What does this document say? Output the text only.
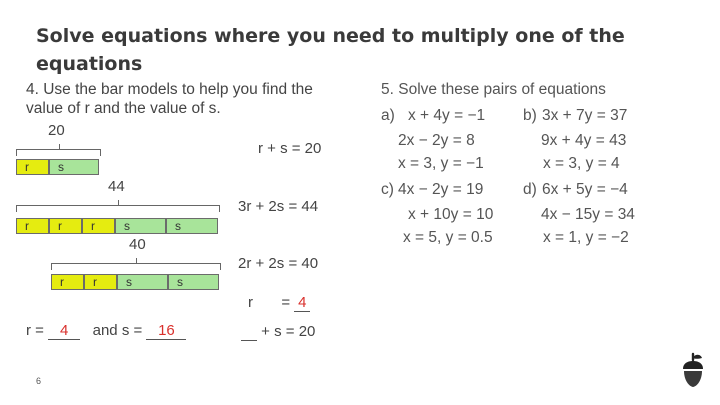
Solve equations where you need to multiply one of the equations
4. Use the bar models to help you find the value of r and the value of s.
20
r	s
r + s = 20
44
r	r	r	s	s
3r + 2s = 44
40
r	r	s	s
2r + 2s = 40
r = 4
+ s = 20
r = 4 and s = 16
5. Solve these pairs of equations
a) x + 4y = −1
2x − 2y = 8
x = 3, y = −1
b) 3x + 7y = 37
9x + 4y = 43
x = 3, y = 4
c) 4x − 2y = 19
x + 10y = 10
x = 5, y = 0.5
d) 6x + 5y = −4
4x − 15y = 34
x = 1, y = −2
6
